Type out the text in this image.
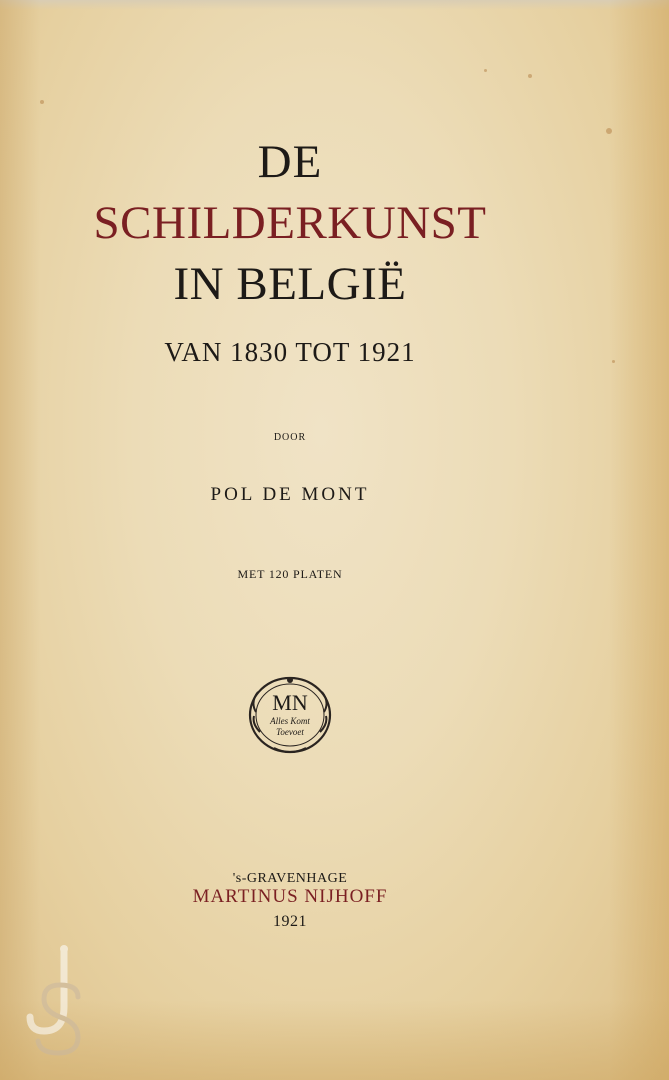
DE
SCHILDERKUNST
IN BELGIË
VAN 1830 TOT 1921
DOOR
POL DE MONT
MET 120 PLATEN
MN
Alles Komt
Toevoet
's-GRAVENHAGE
MARTINUS NIJHOFF
1921
